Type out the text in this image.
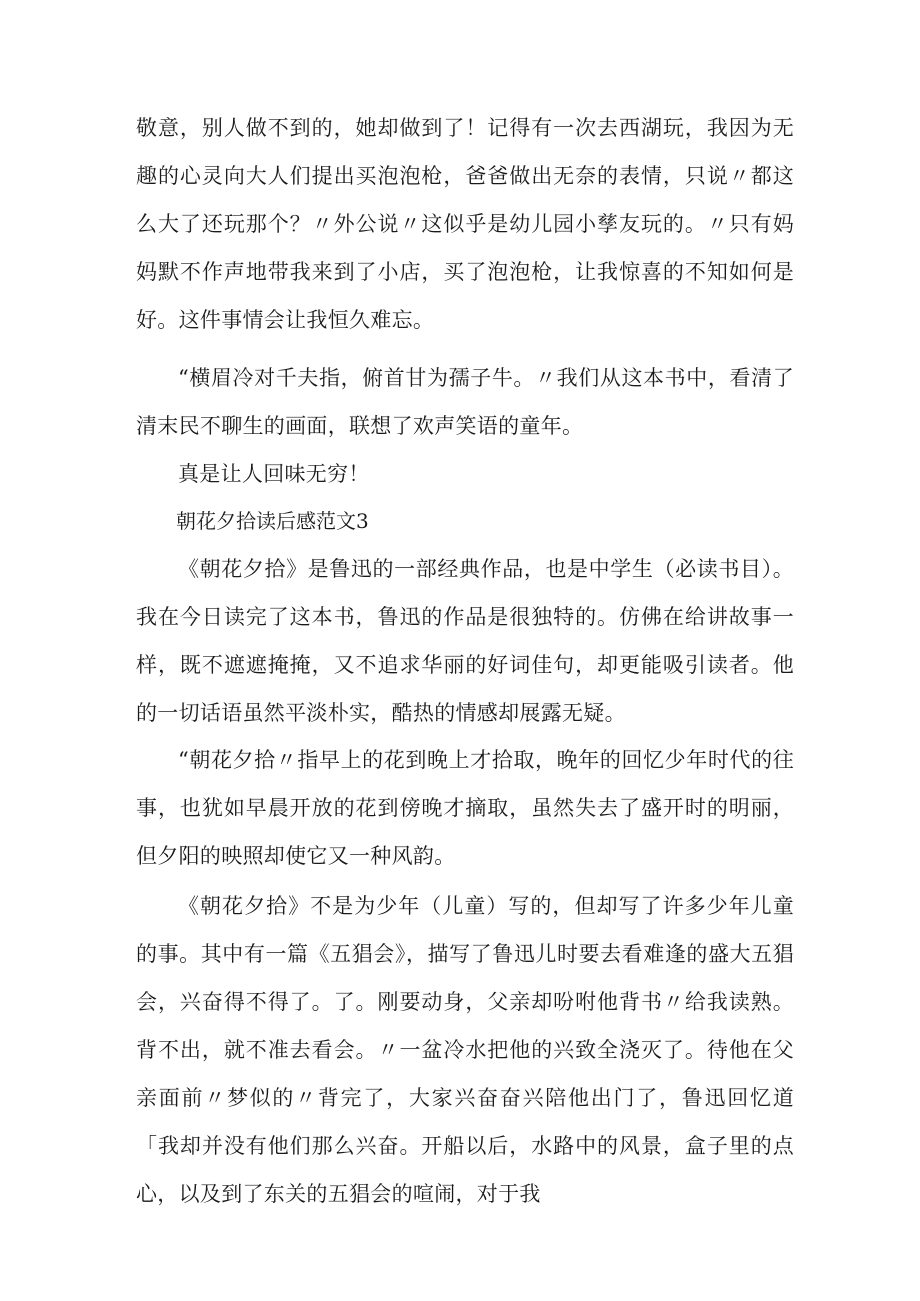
敬意，别人做不到的，她却做到了！记得有一次去西湖玩，我因为无趣的心灵向大人们提出买泡泡枪，爸爸做出无奈的表情，只说〃都这么大了还玩那个？〃外公说〃这似乎是幼儿园小孳友玩的。〃只有妈妈默不作声地带我来到了小店，买了泡泡枪，让我惊喜的不知如何是好。这件事情会让我恒久难忘。

“横眉冷对千夫指，俯首甘为孺子牛。〃我们从这本书中，看清了清末民不聊生的画面，联想了欢声笑语的童年。

真是让人回味无穷！

朝花夕拾读后感范文3

《朝花夕拾》是鲁迅的一部经典作品，也是中学生（必读书目）。我在今日读完了这本书，鲁迅的作品是很独特的。仿佛在给讲故事一样，既不遮遮掩掩，又不追求华丽的好词佳句，却更能吸引读者。他的一切话语虽然平淡朴实，酷热的情感却展露无疑。

“朝花夕拾〃指早上的花到晚上才拾取，晚年的回忆少年时代的往事，也犹如早晨开放的花到傍晚才摘取，虽然失去了盛开时的明丽，但夕阳的映照却使它又一种风韵。

《朝花夕拾》不是为少年（儿童）写的，但却写了许多少年儿童的事。其中有一篇《五猖会》，描写了鲁迅儿时要去看难逢的盛大五猖会，兴奋得不得了。了。刚要动身，父亲却吩咐他背书〃给我读熟。背不出，就不准去看会。〃一盆冷水把他的兴致全浇灭了。待他在父亲面前〃梦似的〃背完了，大家兴奋奋兴陪他出门了，鲁迅回忆道「我却并没有他们那么兴奋。开船以后，水路中的风景，盒子里的点心，以及到了东关的五猖会的喧闹，对于我
